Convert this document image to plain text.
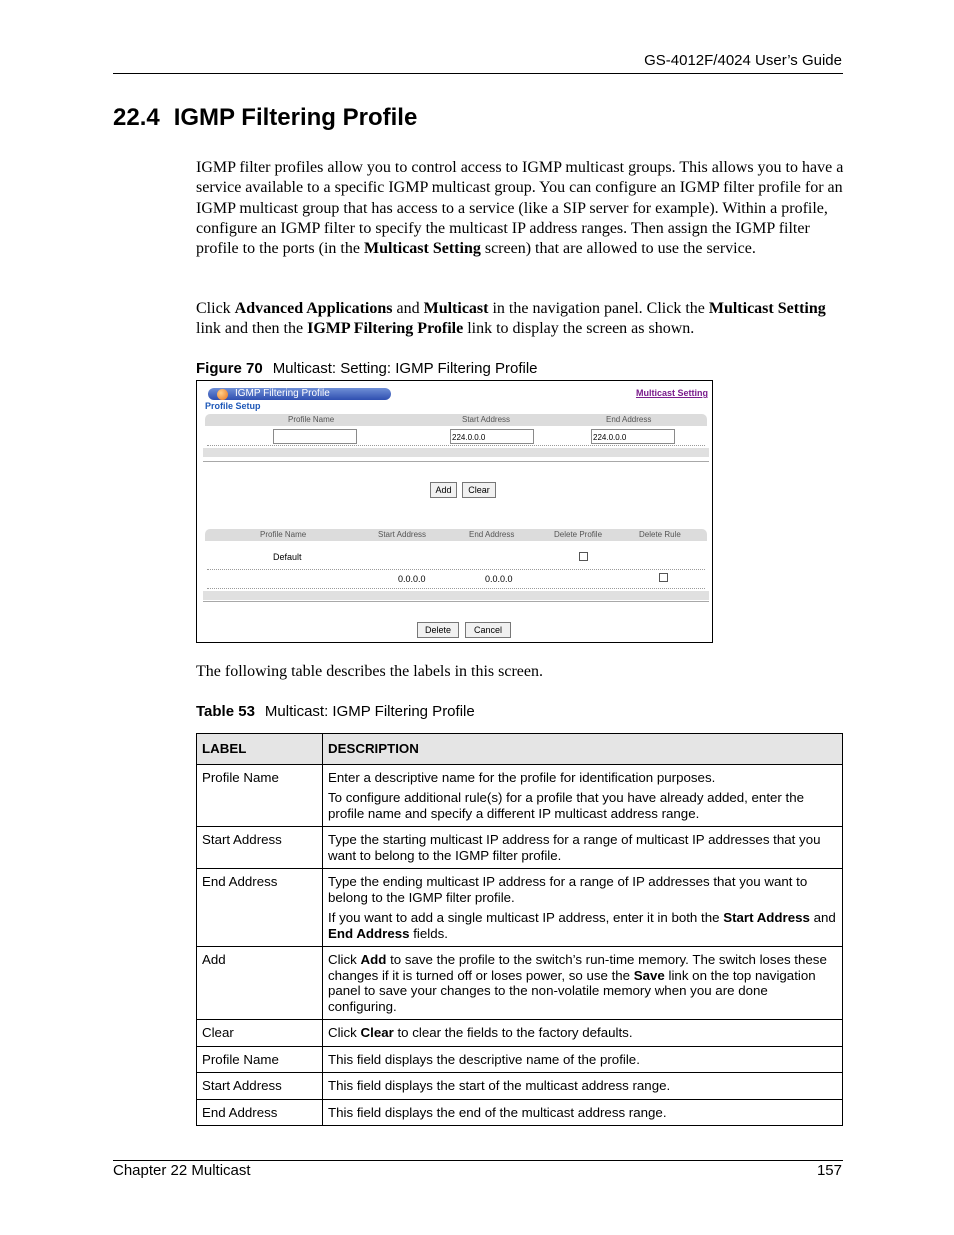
GS-4012F/4024 User’s Guide
22.4 IGMP Filtering Profile

IGMP filter profiles allow you to control access to IGMP multicast groups. This allows you to have a service available to a specific IGMP multicast group. You can configure an IGMP filter profile for an IGMP multicast group that has access to a service (like a SIP server for example). Within a profile, configure an IGMP filter to specify the multicast IP address ranges. Then assign the IGMP filter profile to the ports (in the Multicast Setting screen) that are allowed to use the service.

Click Advanced Applications and Multicast in the navigation panel. Click the Multicast Setting link and then the IGMP Filtering Profile link to display the screen as shown.

Figure 70 Multicast: Setting: IGMP Filtering Profile
IGMP Filtering Profile	Multicast Setting
Profile Setup
Profile Name	Start Address	End Address
224.0.0.0	224.0.0.0
Add	Clear
Profile Name	Start Address	End Address	Delete Profile	Delete Rule
Default
0.0.0.0	0.0.0.0
Delete	Cancel

The following table describes the labels in this screen.

Table 53 Multicast: IGMP Filtering Profile
LABEL	DESCRIPTION
Profile Name	Enter a descriptive name for the profile for identification purposes.

To configure additional rule(s) for a profile that you have already added, enter the profile name and specify a different IP multicast address range.

Start Address	Type the starting multicast IP address for a range of multicast IP addresses that you want to belong to the IGMP filter profile.

End Address	Type the ending multicast IP address for a range of IP addresses that you want to belong to the IGMP filter profile.

If you want to add a single multicast IP address, enter it in both the Start Address and End Address fields.

Add	Click Add to save the profile to the switch’s run-time memory. The switch loses these changes if it is turned off or loses power, so use the Save link on the top navigation panel to save your changes to the non-volatile memory when you are done configuring.

Clear	Click Clear to clear the fields to the factory defaults.

Profile Name	This field displays the descriptive name of the profile.

Start Address	This field displays the start of the multicast address range.

End Address	This field displays the end of the multicast address range.

Chapter 22 Multicast	157
